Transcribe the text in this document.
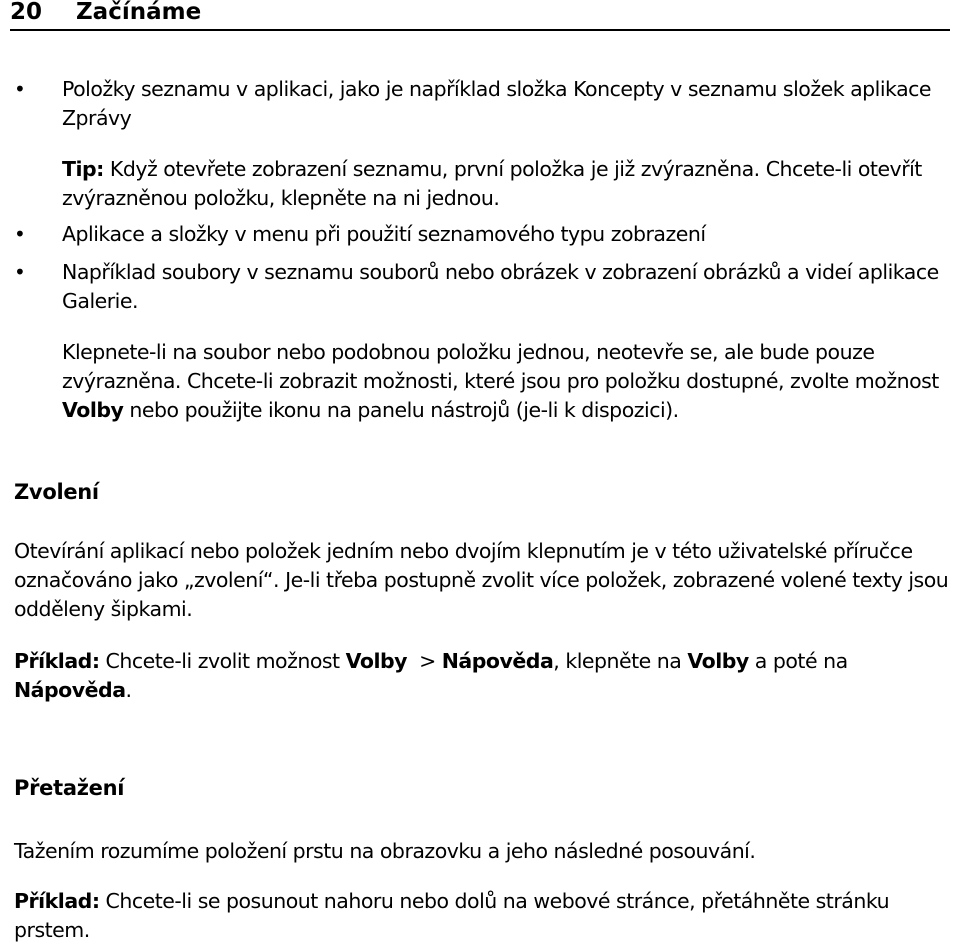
20 Začínáme
• Položky seznamu v aplikaci, jako je například složka Koncepty v seznamu složek aplikace Zprávy
Tip: Když otevřete zobrazení seznamu, první položka je již zvýrazněna. Chcete-li otevřít zvýrazněnou položku, klepněte na ni jednou.
• Aplikace a složky v menu při použití seznamového typu zobrazení
• Například soubory v seznamu souborů nebo obrázek v zobrazení obrázků a videí aplikace Galerie.
Klepnete-li na soubor nebo podobnou položku jednou, neotevře se, ale bude pouze zvýrazněna. Chcete-li zobrazit možnosti, které jsou pro položku dostupné, zvolte možnost Volby nebo použijte ikonu na panelu nástrojů (je-li k dispozici).
Zvolení
Otevírání aplikací nebo položek jedním nebo dvojím klepnutím je v této uživatelské příručce označováno jako „zvolení“. Je-li třeba postupně zvolit více položek, zobrazené volené texty jsou odděleny šipkami.
Příklad: Chcete-li zvolit možnost Volby  > Nápověda, klepněte na Volby a poté na Nápověda.
Přetažení
Tažením rozumíme položení prstu na obrazovku a jeho následné posouvání.
Příklad: Chcete-li se posunout nahoru nebo dolů na webové stránce, přetáhněte stránku prstem.
